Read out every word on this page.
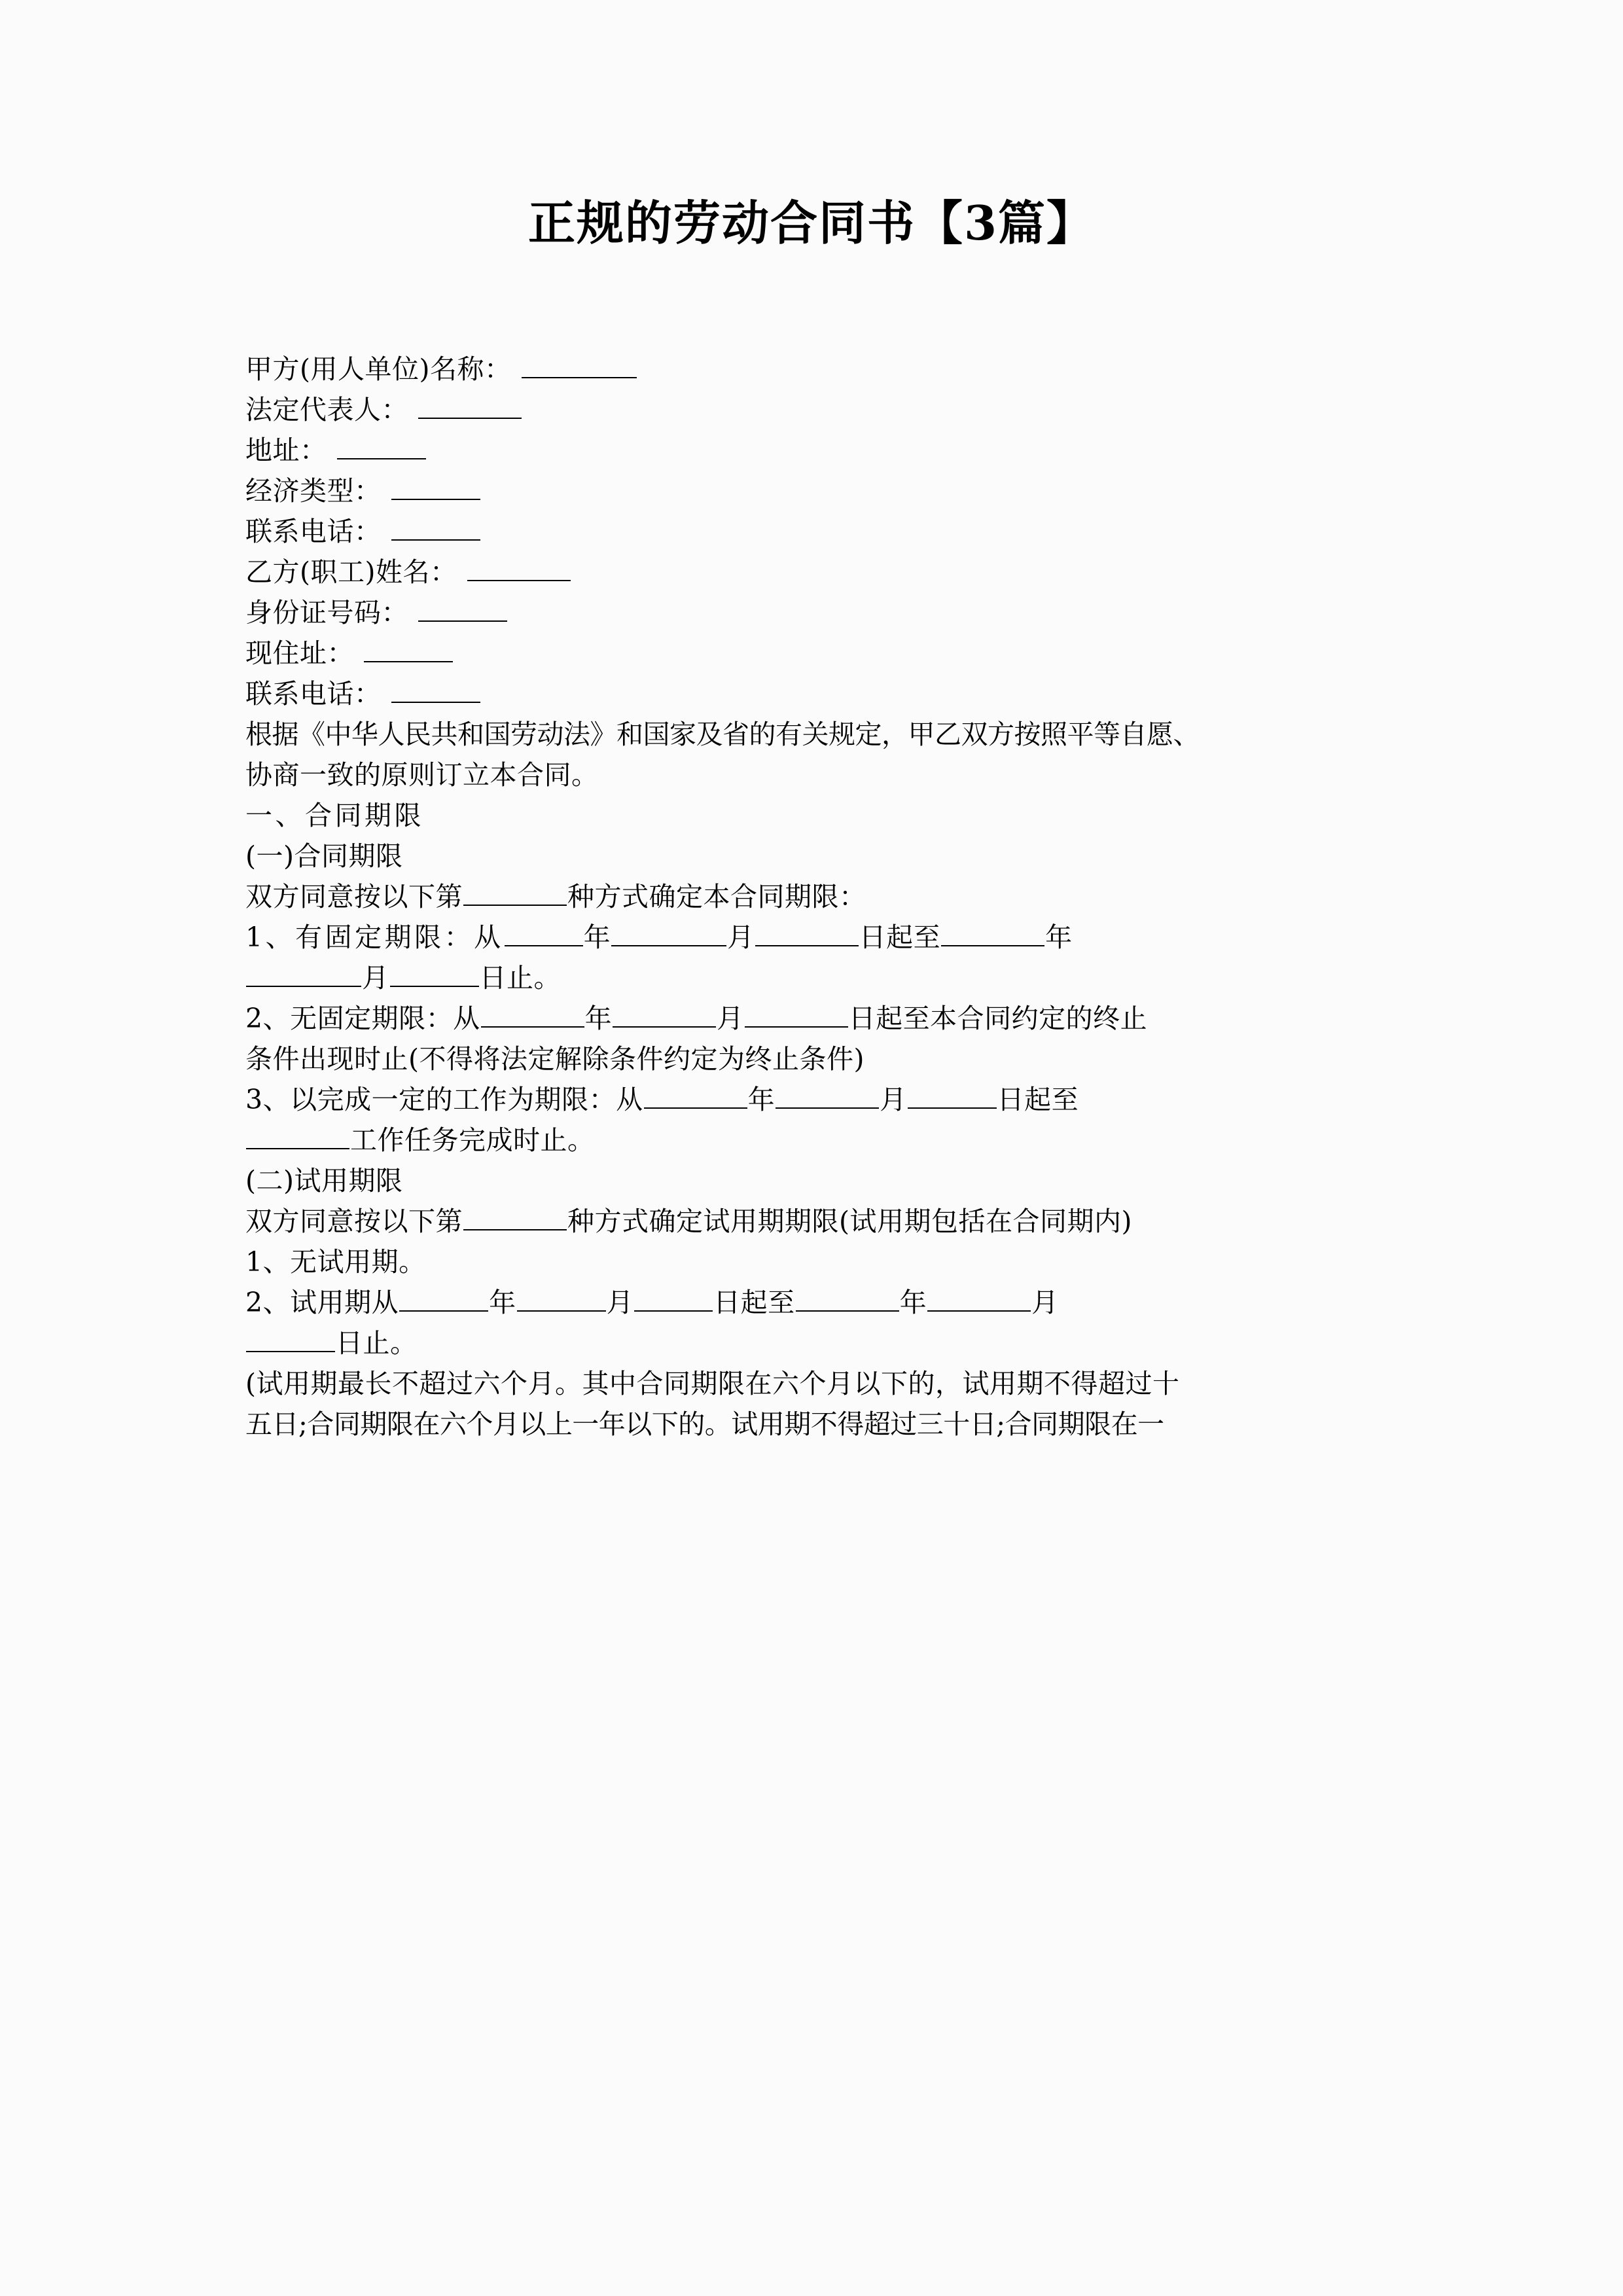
正规的劳动合同书【3篇】
甲方(用人单位)名称：
法定代表人：
地址：
经济类型：
联系电话：
乙方(职工)姓名：
身份证号码：
现住址：
联系电话：
根据《中华人民共和国劳动法》和国家及省的有关规定，甲乙双方按照平等自愿、
协商一致的原则订立本合同。
一、合同期限
(一)合同期限
双方同意按以下第	种方式确定本合同期限：
1、有固定期限：从	年	月	日起至	年
月	日止。
2、无固定期限：从	年	月	日起至本合同约定的终止
条件出现时止(不得将法定解除条件约定为终止条件)
3、以完成一定的工作为期限：从	年	月	日起至
工作任务完成时止。
(二)试用期限
双方同意按以下第	种方式确定试用期期限(试用期包括在合同期内)
1、无试用期。
2、试用期从	年	月	日起至	年	月
日止。
(试用期最长不超过六个月。其中合同期限在六个月以下的，试用期不得超过十
五日;合同期限在六个月以上一年以下的。试用期不得超过三十日;合同期限在一
